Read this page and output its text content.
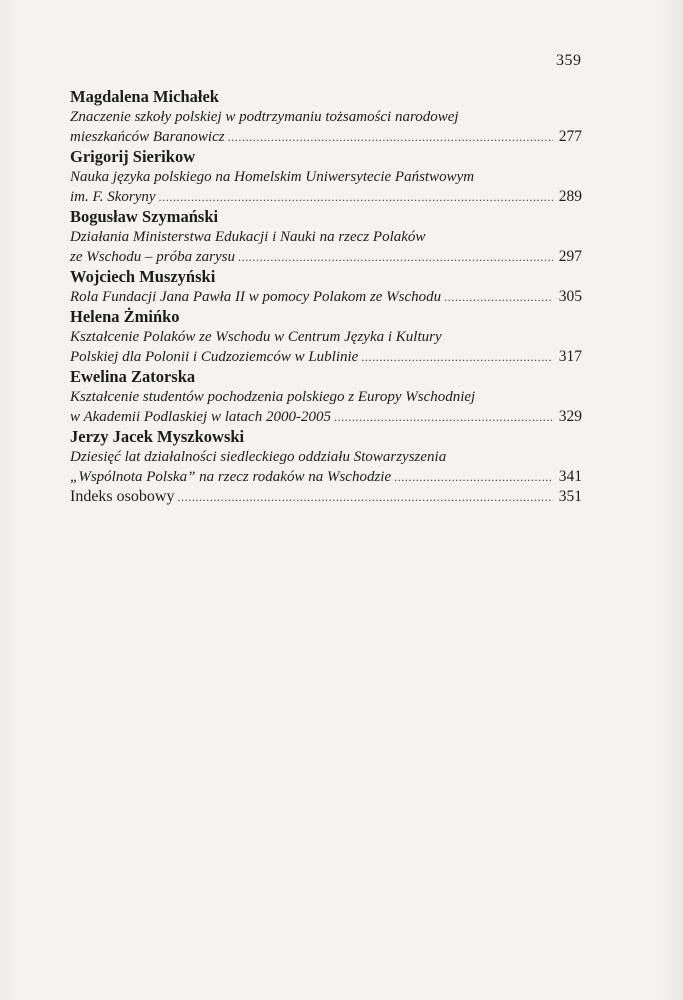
359
Magdalena Michałek
Znaczenie szkoły polskiej w podtrzymaniu tożsamości narodowej
mieszkańców Baranowicz . . .	277
Grigorij Sierikow
Nauka języka polskiego na Homelskim Uniwersytecie Państwowym
im. F. Skoryny . . .	289
Bogusław Szymański
Działania Ministerstwa Edukacji i Nauki na rzecz Polaków
ze Wschodu – próba zarysu . . .	297
Wojciech Muszyński
Rola Fundacji Jana Pawła II w pomocy Polakom ze Wschodu . . .	305
Helena Żmińko
Kształcenie Polaków ze Wschodu w Centrum Języka i Kultury
Polskiej dla Polonii i Cudzoziemców w Lublinie . . .	317
Ewelina Zatorska
Kształcenie studentów pochodzenia polskiego z Europy Wschodniej
w Akademii Podlaskiej w latach 2000-2005 . . .	329
Jerzy Jacek Myszkowski
Dziesięć lat działalności siedleckiego oddziału Stowarzyszenia
„Wspólnota Polska” na rzecz rodaków na Wschodzie . . .	341
Indeks osobowy . . .	351
